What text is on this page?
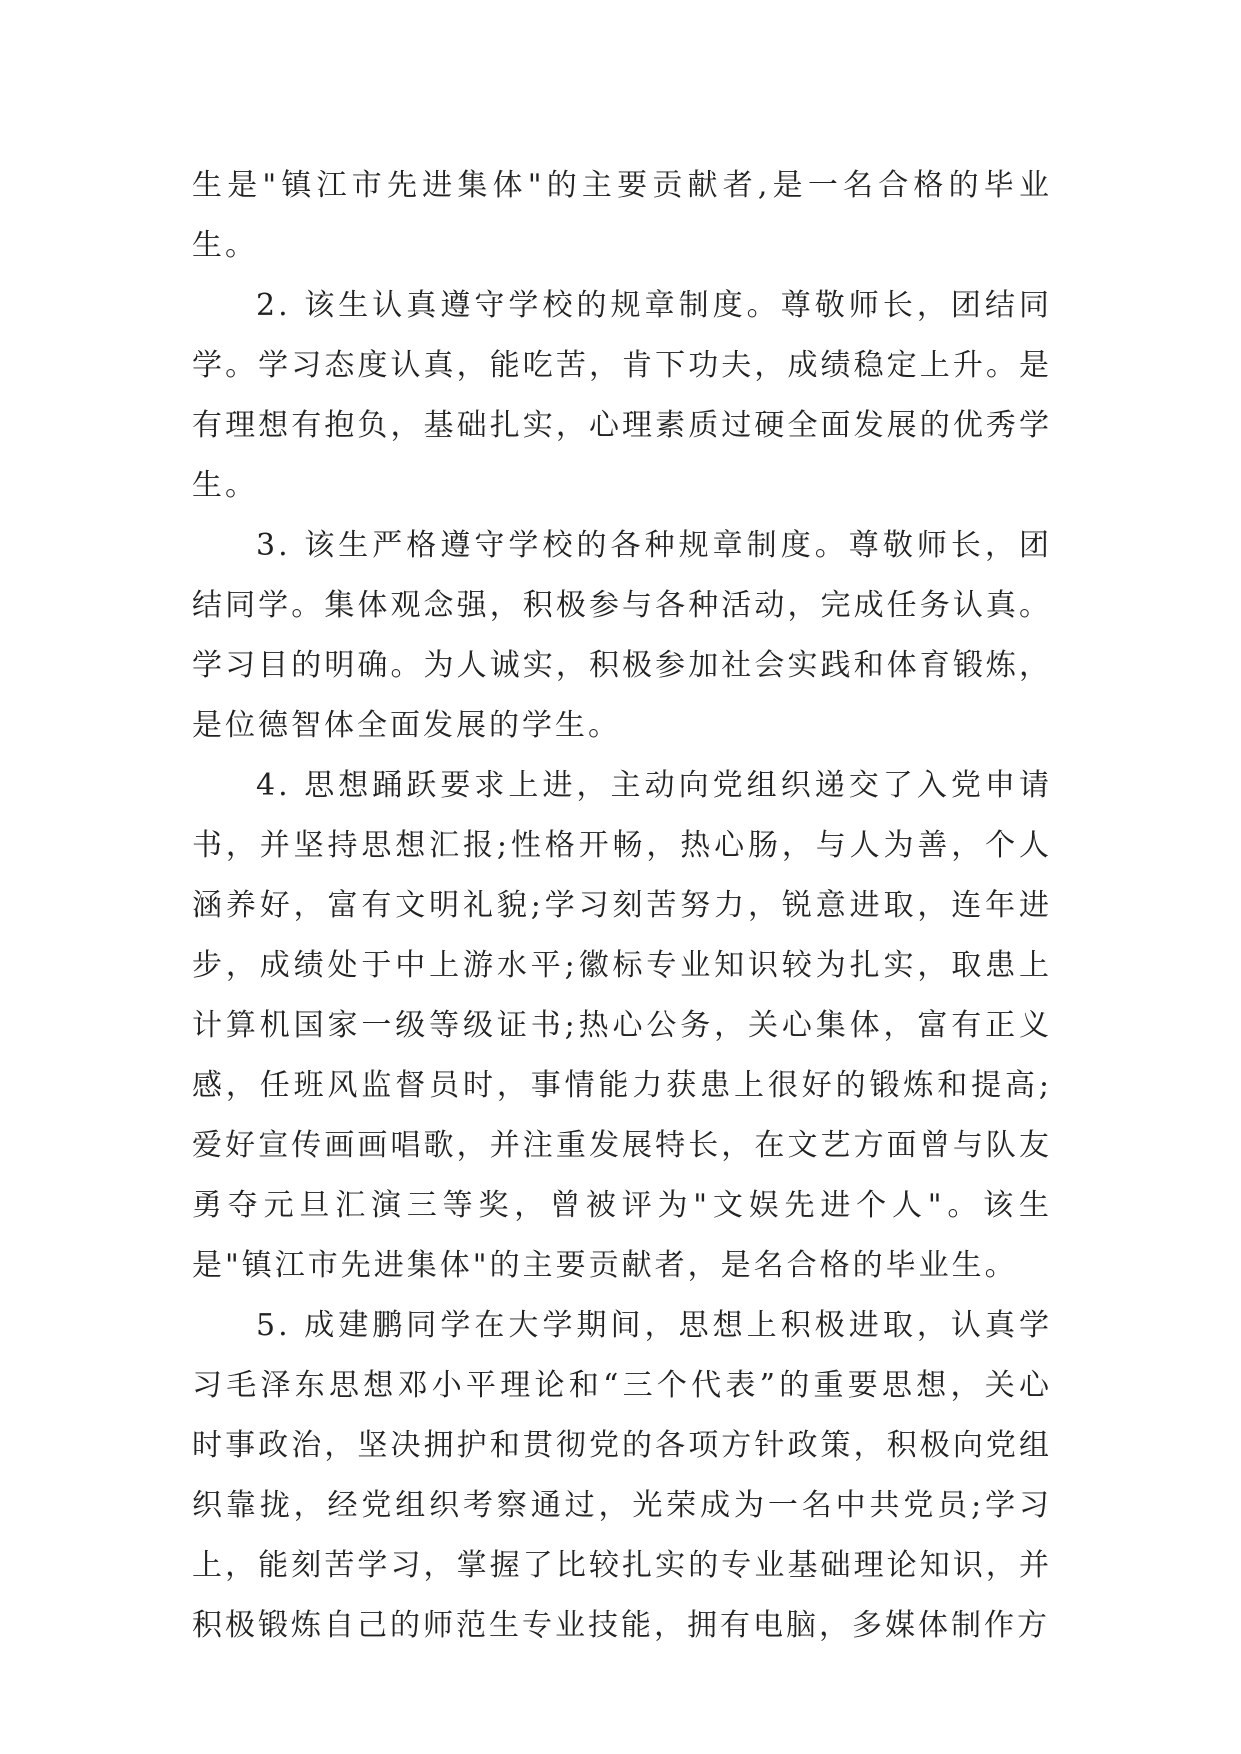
生是"镇江市先进集体"的主要贡献者,是一名合格的毕业生。

2. 该生认真遵守学校的规章制度。尊敬师长，团结同学。学习态度认真，能吃苦，肯下功夫，成绩稳定上升。是有理想有抱负，基础扎实，心理素质过硬全面发展的优秀学生。

3. 该生严格遵守学校的各种规章制度。尊敬师长，团结同学。集体观念强，积极参与各种活动，完成任务认真。学习目的明确。为人诚实，积极参加社会实践和体育锻炼，是位德智体全面发展的学生。

4. 思想踊跃要求上进，主动向党组织递交了入党申请书，并坚持思想汇报;性格开畅，热心肠，与人为善，个人涵养好，富有文明礼貌;学习刻苦努力，锐意进取，连年进步，成绩处于中上游水平;徽标专业知识较为扎实，取患上计算机国家一级等级证书;热心公务，关心集体，富有正义感，任班风监督员时，事情能力获患上很好的锻炼和提高;爱好宣传画画唱歌，并注重发展特长，在文艺方面曾与队友勇夺元旦汇演三等奖，曾被评为"文娱先进个人"。该生是"镇江市先进集体"的主要贡献者，是名合格的毕业生。

5. 成建鹏同学在大学期间，思想上积极进取，认真学习毛泽东思想邓小平理论和“三个代表”的重要思想，关心时事政治，坚决拥护和贯彻党的各项方针政策，积极向党组织靠拢，经党组织考察通过，光荣成为一名中共党员;学习上，能刻苦学习，掌握了比较扎实的专业基础理论知识，并积极锻炼自己的师范生专业技能，拥有电脑，多媒体制作方
